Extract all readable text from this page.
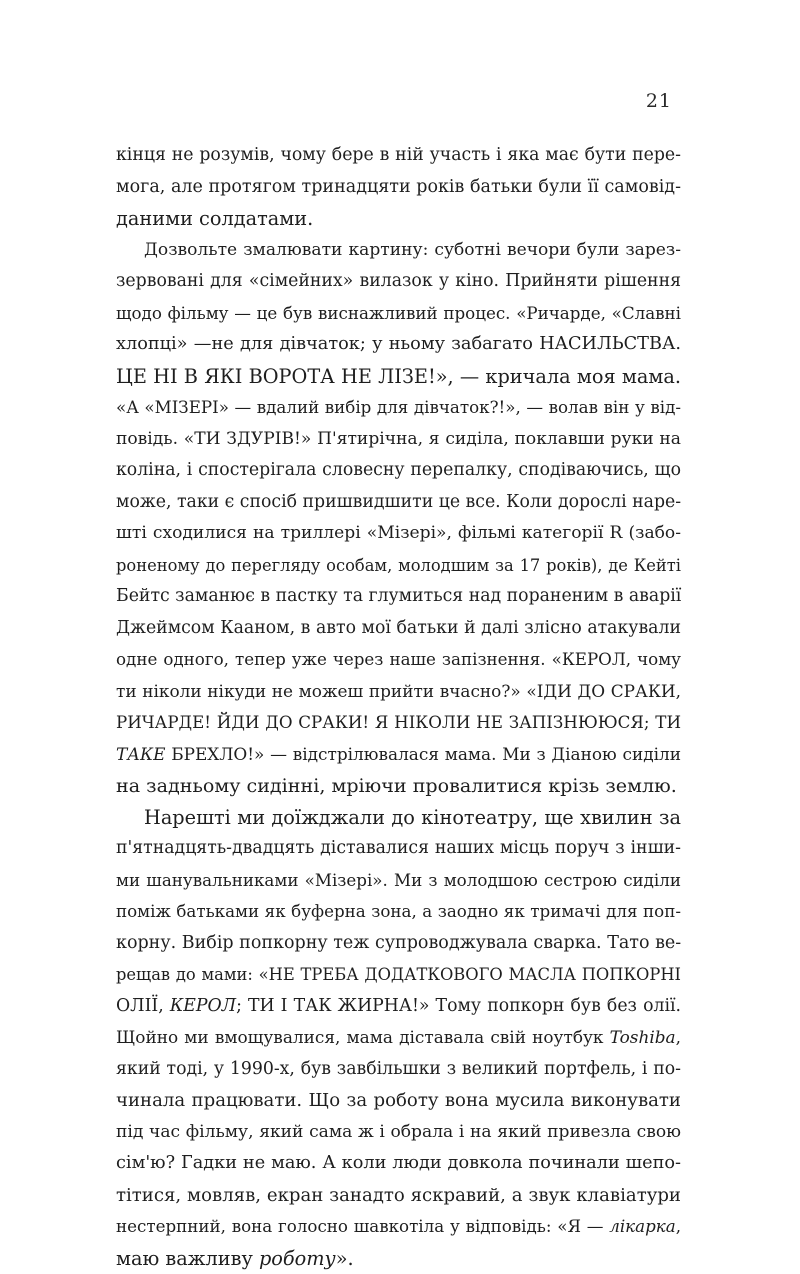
21
кінця не розумів, чому бере в ній участь і яка має бути пере-
мога, але протягом тринадцяти років батьки були її самовід-
даними солдатами.
Дозвольте змалювати картину: суботні вечори були зарез-
зервовані для «сімейних» вилазок у кіно. Прийняти рішення
щодо фільму — це був виснажливий процес. «Ричарде, «Славні
хлопці» —не для дівчаток; у ньому забагато НАСИЛЬСТВА.
ЦЕ НІ В ЯКІ ВОРОТА НЕ ЛІЗЕ!», — кричала моя мама.
«А «МІЗЕРІ» — вдалий вибір для дівчаток?!», — волав він у від-
повідь. «ТИ ЗДУРІВ!» П'ятирічна, я сиділа, поклавши руки на
коліна, і спостерігала словесну перепалку, сподіваючись, що
може, таки є спосіб пришвидшити це все. Коли дорослі наре-
шті сходилися на триллері «Мізері», фільмі категорії R (забо-
роненому до перегляду особам, молодшим за 17 років), де Кейті
Бейтс заманює в пастку та глумиться над пораненим в аварії
Джеймсом Кааном, в авто мої батьки й далі злісно атакували
одне одного, тепер уже через наше запізнення. «КЕРОЛ, чому
ти ніколи нікуди не можеш прийти вчасно?» «ІДИ ДО СРАКИ,
РИЧАРДЕ! ЙДИ ДО СРАКИ! Я НІКОЛИ НЕ ЗАПІЗНЮЮСЯ; ТИ
ТАКЕ БРЕХЛО!» — відстрілювалася мама. Ми з Діаною сиділи
на задньому сидінні, мріючи провалитися крізь землю.
Нарешті ми доїжджали до кінотеатру, ще хвилин за
п'ятнадцять-двадцять діставалися наших місць поруч з інши-
ми шанувальниками «Мізері». Ми з молодшою сестрою сиділи
поміж батьками як буферна зона, а заодно як тримачі для поп-
корну. Вибір попкорну теж супроводжувала сварка. Тато ве-
рещав до мами: «НЕ ТРЕБА ДОДАТКОВОГО МАСЛА ПОПКОРНІ
ОЛІЇ, КЕРОЛ; ТИ І ТАК ЖИРНА!» Тому попкорн був без олії.
Щойно ми вмощувалися, мама діставала свій ноутбук Toshiba,
який тоді, у 1990-х, був завбільшки з великий портфель, і по-
чинала працювати. Що за роботу вона мусила виконувати
під час фільму, який сама ж і обрала і на який привезла свою
сім'ю? Гадки не маю. А коли люди довкола починали шепо-
тітися, мовляв, екран занадто яскравий, а звук клавіатури
нестерпний, вона голосно шавкотіла у відповідь: «Я — лікарка,
маю важливу роботу».
